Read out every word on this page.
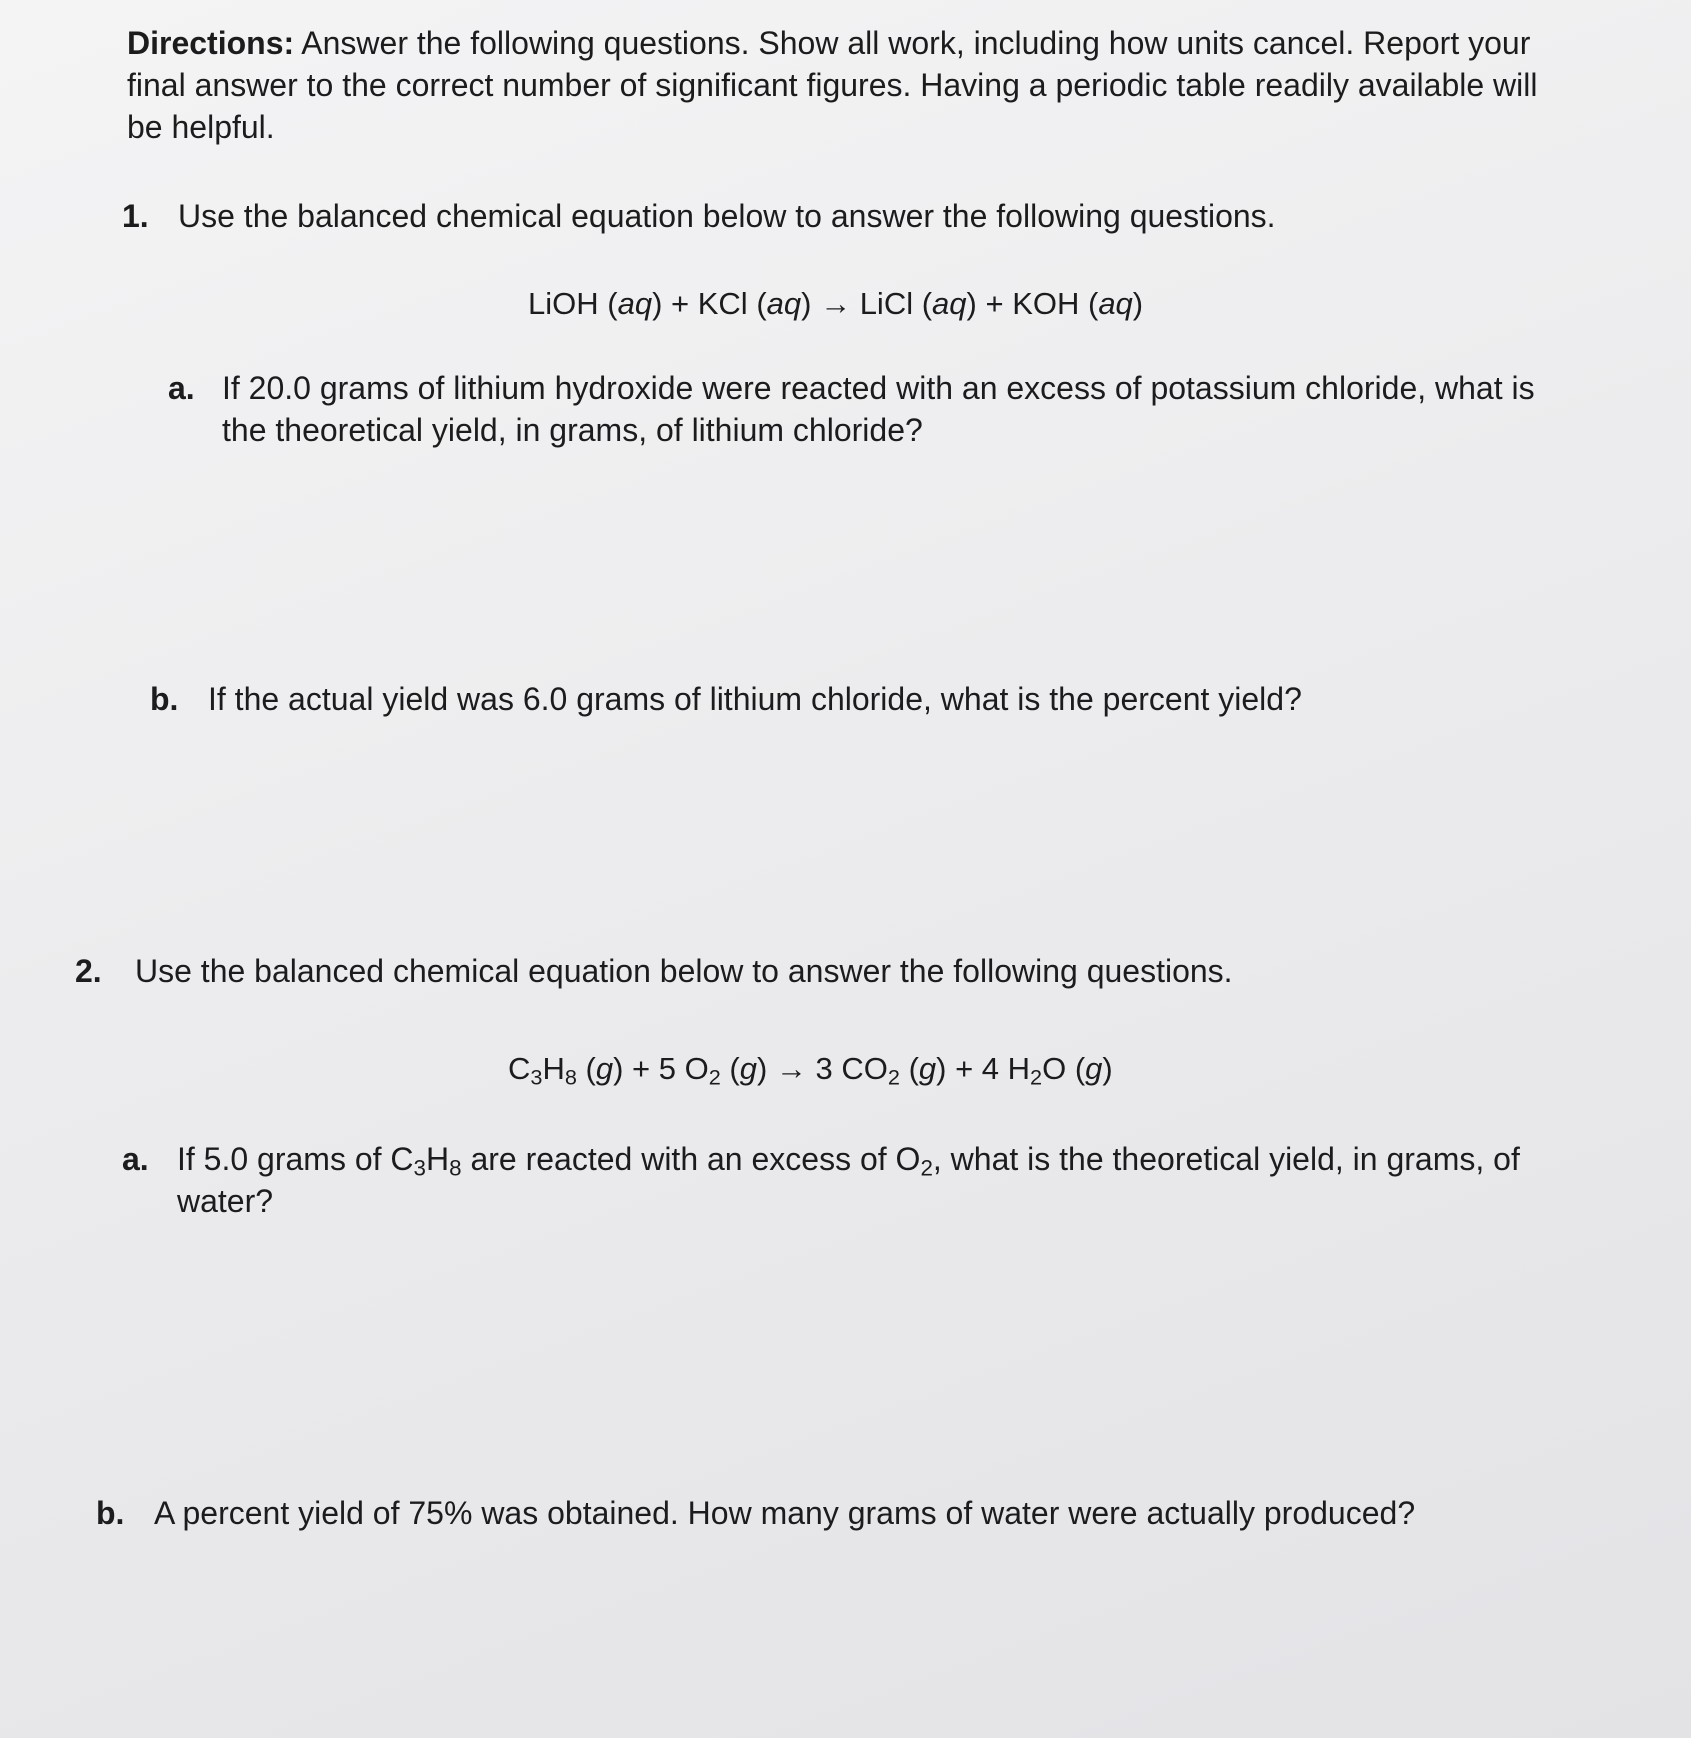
Directions: Answer the following questions. Show all work, including how units cancel. Report your final answer to the correct number of significant figures. Having a periodic table readily available will be helpful.
1. Use the balanced chemical equation below to answer the following questions.
LiOH (aq) + KCl (aq) → LiCl (aq) + KOH (aq)
a. If 20.0 grams of lithium hydroxide were reacted with an excess of potassium chloride, what is the theoretical yield, in grams, of lithium chloride?
b. If the actual yield was 6.0 grams of lithium chloride, what is the percent yield?
2. Use the balanced chemical equation below to answer the following questions.
$C_3H_8$ (g) + 5 $O_2$ (g) → 3 $CO_2$ (g) + 4 $H_2O$ (g)
a. If 5.0 grams of $C_3H_8$ are reacted with an excess of $O_2$, what is the theoretical yield, in grams, of water?
b. A percent yield of 75% was obtained. How many grams of water were actually produced?
